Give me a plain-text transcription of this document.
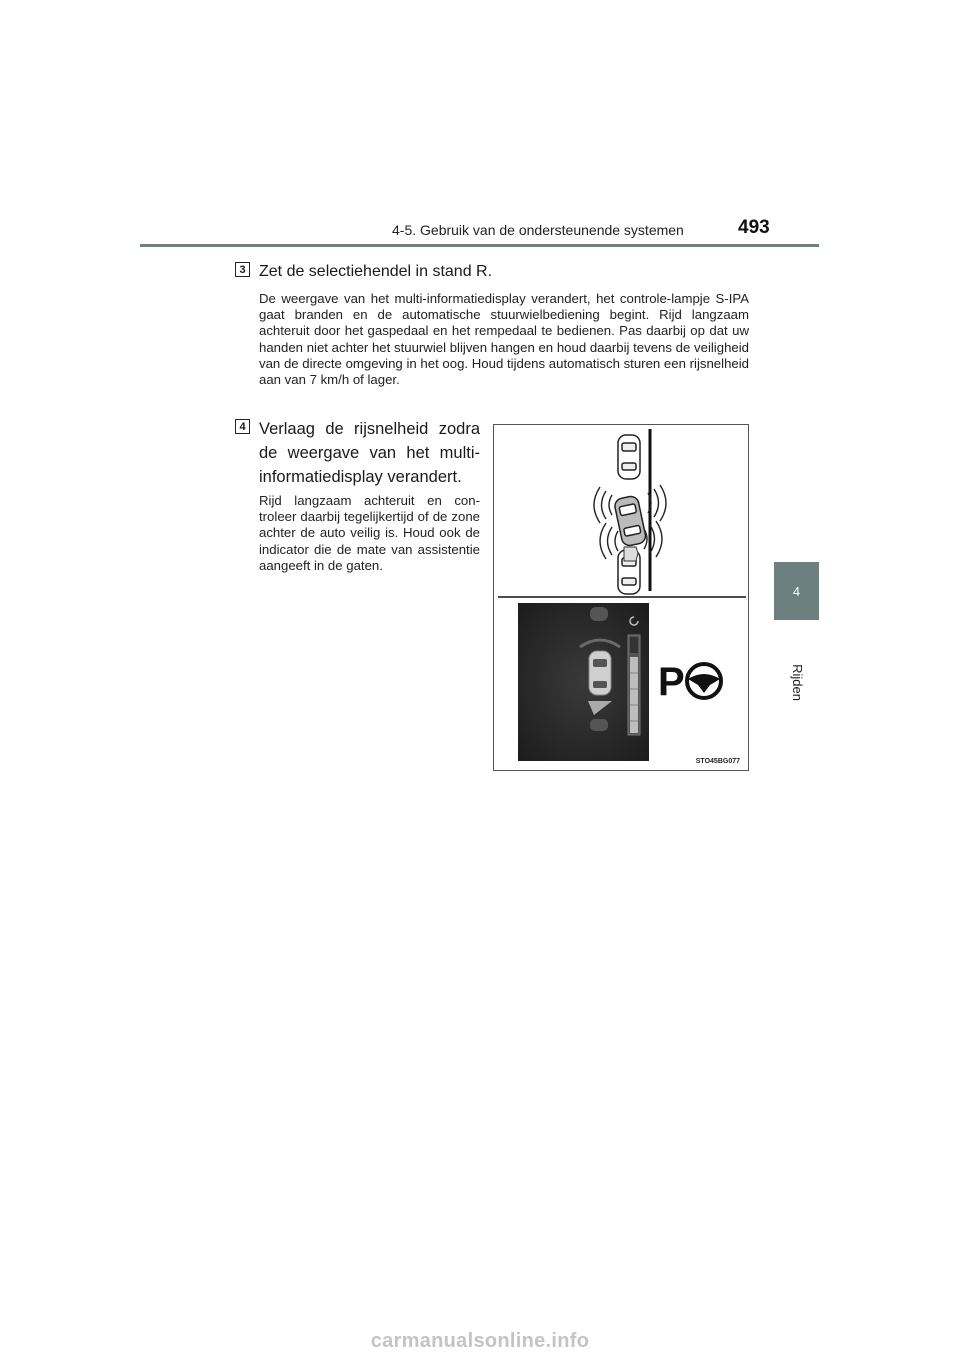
4-5. Gebruik van de ondersteunende systemen	493
4
Rijden
3 Zet de selectiehendel in stand R.
De weergave van het multi-informatiedisplay verandert, het controle-lampje S-IPA gaat branden en de automatische stuurwielbediening begint. Rijd langzaam achteruit door het gaspedaal en het rempedaal te bedienen. Pas daarbij op dat uw handen niet achter het stuurwiel blijven hangen en houd daarbij tevens de veiligheid van de directe omgeving in het oog. Houd tijdens automatisch sturen een rijsnelheid aan van 7 km/h of lager.
4 Verlaag de rijsnelheid zodra de weergave van het multi-informatiedisplay verandert.
Rijd langzaam achteruit en con-troleer daarbij tegelijkertijd of de zone achter de auto veilig is. Houd ook de indicator die de mate van assistentie aangeeft in de gaten.
P
STO45BG077
carmanualsonline.info
